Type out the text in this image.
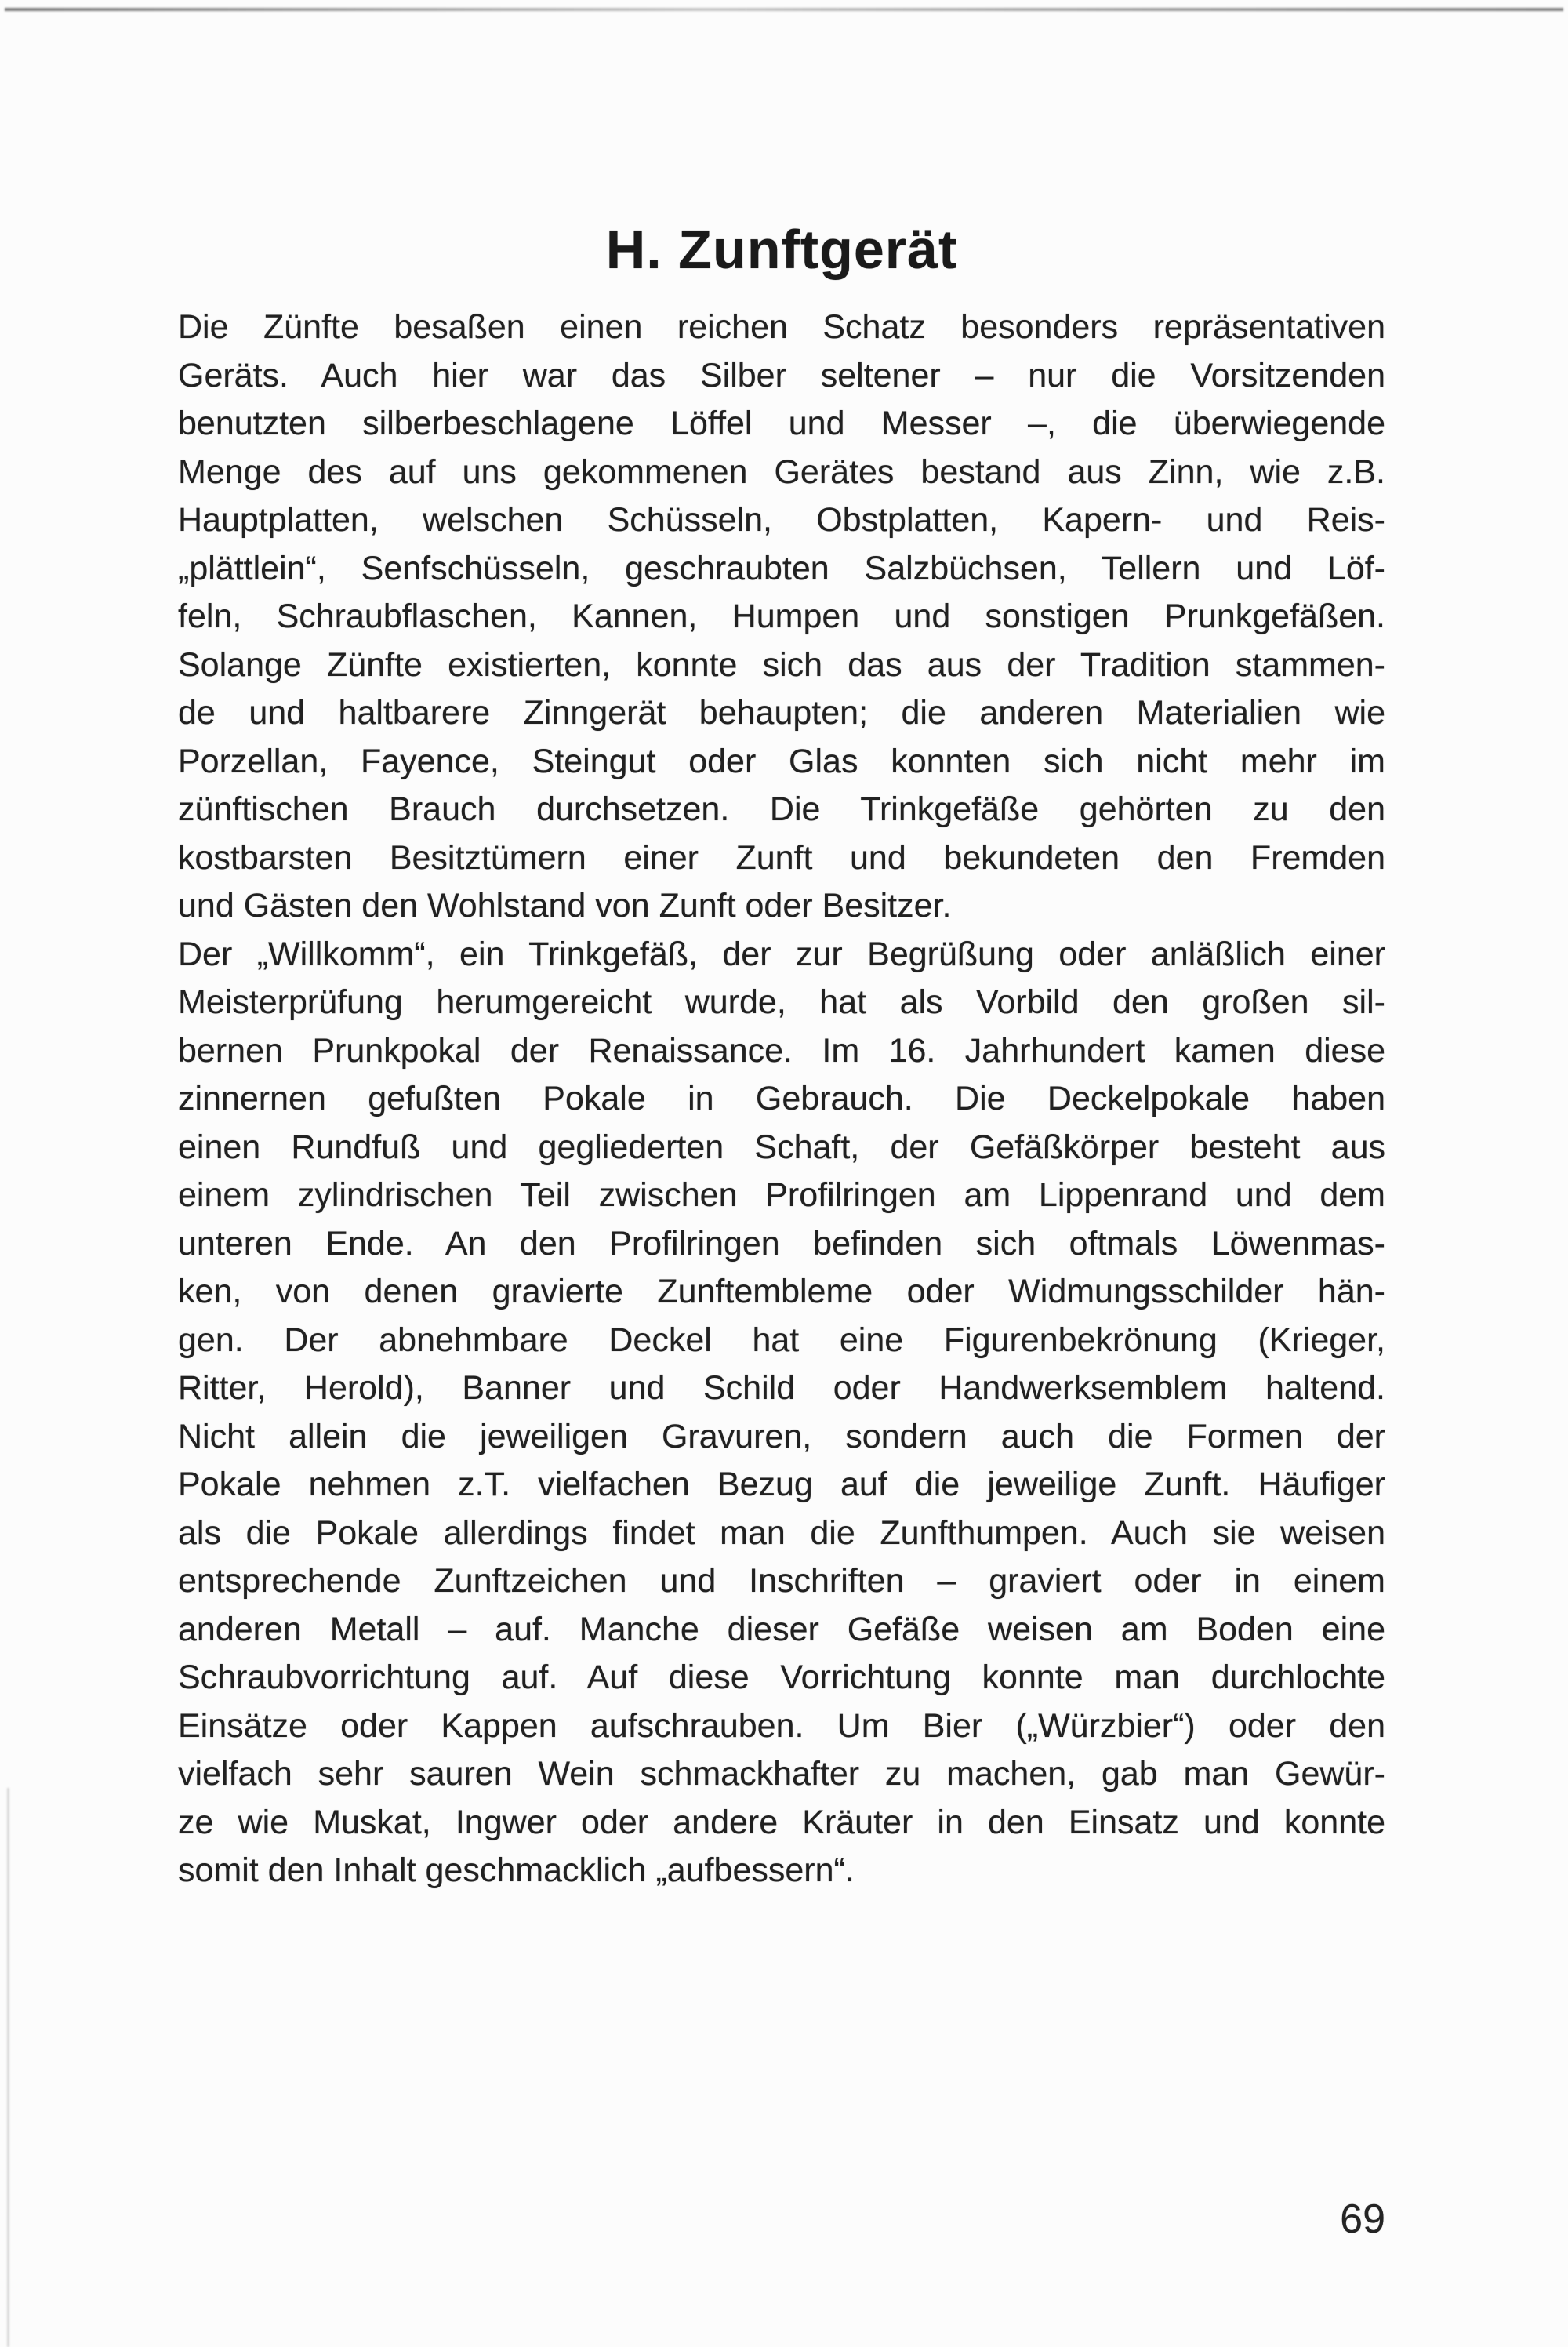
H. Zunftgerät
Die Zünfte besaßen einen reichen Schatz besonders repräsentativen
Geräts. Auch hier war das Silber seltener – nur die Vorsitzenden
benutzten silberbeschlagene Löffel und Messer –, die überwiegende
Menge des auf uns gekommenen Gerätes bestand aus Zinn, wie z.B.
Hauptplatten, welschen Schüsseln, Obstplatten, Kapern- und Reis-
„plättlein“, Senfschüsseln, geschraubten Salzbüchsen, Tellern und Löf-
feln, Schraubflaschen, Kannen, Humpen und sonstigen Prunkgefäßen.
Solange Zünfte existierten, konnte sich das aus der Tradition stammen-
de und haltbarere Zinngerät behaupten; die anderen Materialien wie
Porzellan, Fayence, Steingut oder Glas konnten sich nicht mehr im
zünftischen Brauch durchsetzen. Die Trinkgefäße gehörten zu den
kostbarsten Besitztümern einer Zunft und bekundeten den Fremden
und Gästen den Wohlstand von Zunft oder Besitzer.
Der „Willkomm“, ein Trinkgefäß, der zur Begrüßung oder anläßlich einer
Meisterprüfung herumgereicht wurde, hat als Vorbild den großen sil-
bernen Prunkpokal der Renaissance. Im 16. Jahrhundert kamen diese
zinnernen gefußten Pokale in Gebrauch. Die Deckelpokale haben
einen Rundfuß und gegliederten Schaft, der Gefäßkörper besteht aus
einem zylindrischen Teil zwischen Profilringen am Lippenrand und dem
unteren Ende. An den Profilringen befinden sich oftmals Löwenmas-
ken, von denen gravierte Zunftembleme oder Widmungsschilder hän-
gen. Der abnehmbare Deckel hat eine Figurenbekrönung (Krieger,
Ritter, Herold), Banner und Schild oder Handwerksemblem haltend.
Nicht allein die jeweiligen Gravuren, sondern auch die Formen der
Pokale nehmen z.T. vielfachen Bezug auf die jeweilige Zunft. Häufiger
als die Pokale allerdings findet man die Zunfthumpen. Auch sie weisen
entsprechende Zunftzeichen und Inschriften – graviert oder in einem
anderen Metall – auf. Manche dieser Gefäße weisen am Boden eine
Schraubvorrichtung auf. Auf diese Vorrichtung konnte man durchlochte
Einsätze oder Kappen aufschrauben. Um Bier („Würzbier“) oder den
vielfach sehr sauren Wein schmackhafter zu machen, gab man Gewür-
ze wie Muskat, Ingwer oder andere Kräuter in den Einsatz und konnte
somit den Inhalt geschmacklich „aufbessern“.
69
